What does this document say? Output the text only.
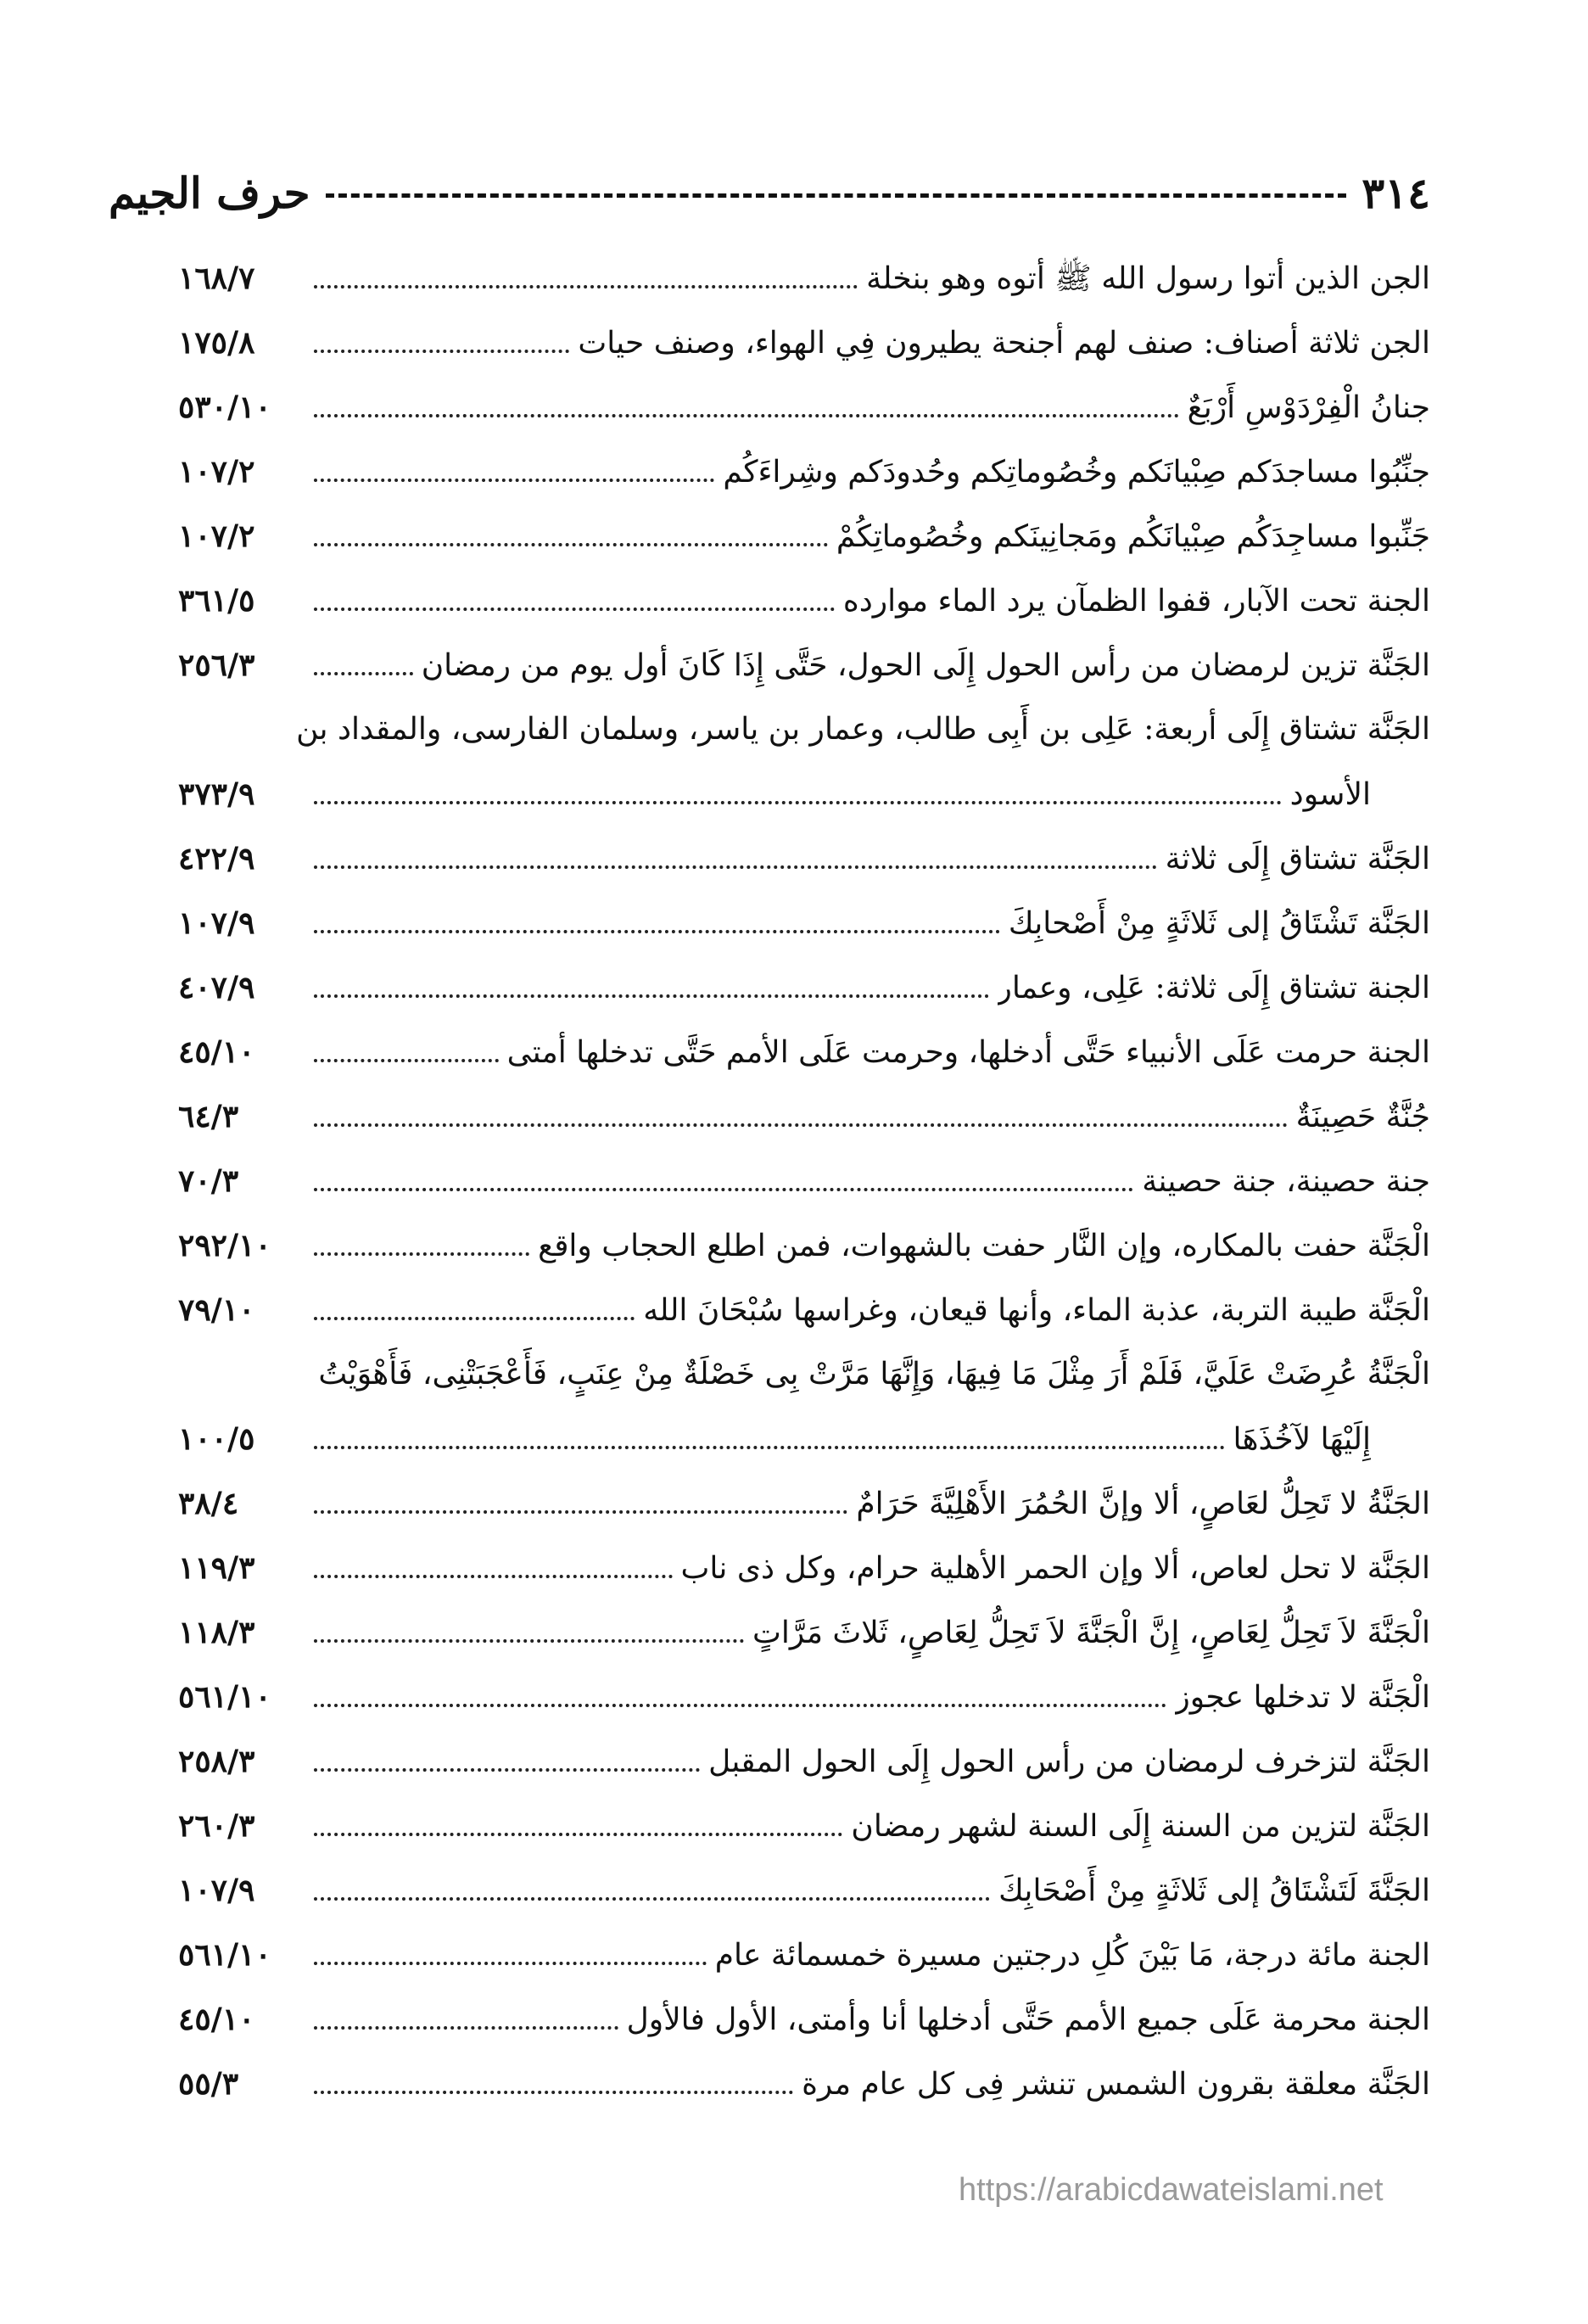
٣١٤
حرف الجيم
الجن الذين أتوا رسول الله ﷺ أتوه وهو بنخلة
١٦٨/٧
الجن ثلاثة أصناف: صنف لهم أجنحة يطيرون فِي الهواء، وصنف حيات
١٧٥/٨
جنانُ الْفِرْدَوْسِ أَرْبَعٌ
٥٣٠/١٠
جنِّبُوا مساجدَكم صِبْيانَكم وخُصُوماتِكم وحُدودَكم وشِراءَكُم
١٠٧/٢
جَنِّبوا مساجِدَكُم صِبْيانَكُم ومَجانِينَكم وخُصُوماتِكُمْ
١٠٧/٢
الجنة تحت الآبار، قفوا الظمآن يرد الماء موارده
٣٦١/٥
الجَنَّة تزين لرمضان من رأس الحول إِلَى الحول، حَتَّى إِذَا كَانَ أول يوم من رمضان
٢٥٦/٣
الجَنَّة تشتاق إِلَى أربعة: عَلِى بن أَبِى طالب، وعمار بن ياسر، وسلمان الفارسى، والمقداد بن
الأسود
٣٧٣/٩
الجَنَّة تشتاق إِلَى ثلاثة
٤٢٢/٩
الجَنَّة تَشْتَاقُ إلى ثَلاثَةٍ مِنْ أَصْحابِكَ
١٠٧/٩
الجنة تشتاق إِلَى ثلاثة: عَلِى، وعمار
٤٠٧/٩
الجنة حرمت عَلَى الأنبياء حَتَّى أدخلها، وحرمت عَلَى الأمم حَتَّى تدخلها أمتى
٤٥/١٠
جُنَّةٌ حَصِينَةٌ
٦٤/٣
جنة حصينة، جنة حصينة
٧٠/٣
الْجَنَّة حفت بالمكاره، وإن النَّار حفت بالشهوات، فمن اطلع الحجاب واقع
٢٩٢/١٠
الْجَنَّة طيبة التربة، عذبة الماء، وأنها قيعان، وغراسها سُبْحَانَ الله
٧٩/١٠
الْجَنَّةُ عُرِضَتْ عَلَيَّ، فَلَمْ أَرَ مِثْلَ مَا فِيهَا، وَإِنَّهَا مَرَّتْ بِى خَصْلَةٌ مِنْ عِنَبٍ، فَأَعْجَبَتْنِى، فَأَهْوَيْتُ
إِلَيْهَا لآخُذَهَا
١٠٠/٥
الجَنَّةُ لا تَحِلُّ لعَاصٍ، ألا وإنَّ الحُمُرَ الأَهْلِيَّةَ حَرَامٌ
٣٨/٤
الجَنَّة لا تحل لعاص، ألا وإن الحمر الأهلية حرام، وكل ذى ناب
١١٩/٣
الْجَنَّةَ لاَ تَحِلُّ لِعَاصٍ، إِنَّ الْجَنَّةَ لاَ تَحِلُّ لِعَاصٍ، ثَلاثَ مَرَّاتٍ
١١٨/٣
الْجَنَّة لا تدخلها عجوز
٥٦١/١٠
الجَنَّة لتزخرف لرمضان من رأس الحول إِلَى الحول المقبل
٢٥٨/٣
الجَنَّة لتزين من السنة إِلَى السنة لشهر رمضان
٢٦٠/٣
الجَنَّةَ لَتَشْتَاقُ إلى ثَلاثَةٍ مِنْ أَصْحَابِكَ
١٠٧/٩
الجنة مائة درجة، مَا بَيْنَ كُلِ درجتين مسيرة خمسمائة عام
٥٦١/١٠
الجنة محرمة عَلَى جميع الأمم حَتَّى أدخلها أنا وأمتى، الأول فالأول
٤٥/١٠
الجَنَّة معلقة بقرون الشمس تنشر فِى كل عام مرة
٥٥/٣
https://arabicdawateislami.net
